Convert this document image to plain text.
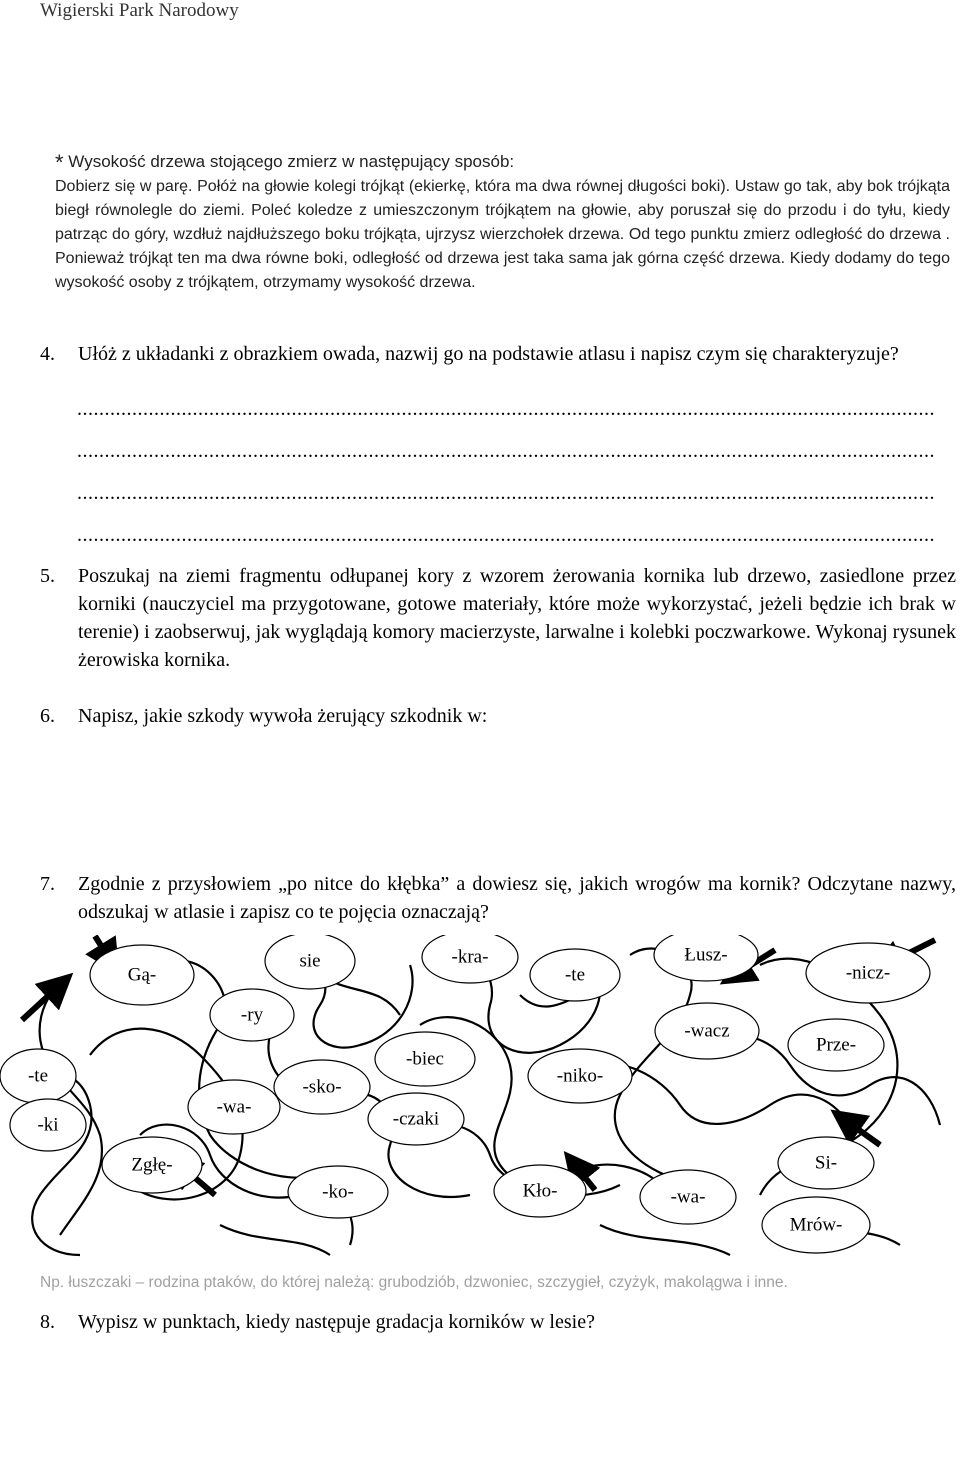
Wigierski Park Narodowy

* Wysokość drzewa stojącego zmierz w następujący sposób:

Dobierz się w parę. Połóż na głowie kolegi trójkąt (ekierkę, która ma dwa równej długości boki). Ustaw go tak, aby bok trójkąta biegł równolegle do ziemi. Poleć koledze z umieszczonym trójkątem na głowie, aby poruszał się do przodu i do tyłu, kiedy patrząc do góry, wzdłuż najdłuższego boku trójkąta, ujrzysz wierzchołek drzewa. Od tego punktu zmierz odległość do drzewa . Ponieważ trójkąt ten ma dwa równe boki, odległość od drzewa jest taka sama jak górna część drzewa. Kiedy dodamy do tego wysokość osoby z trójkątem, otrzymamy wysokość drzewa.

4. Ułóż z układanki z obrazkiem owada, nazwij go na podstawie atlasu i napisz czym się charakteryzuje?
............................................................................................................................................................
............................................................................................................................................................
............................................................................................................................................................
............................................................................................................................................................
5. Poszukaj na ziemi fragmentu odłupanej kory z wzorem żerowania kornika lub drzewo, zasiedlone przez korniki (nauczyciel ma przygotowane, gotowe materiały, które może wykorzystać, jeżeli będzie ich brak w terenie) i zaobserwuj, jak wyglądają komory macierzyste, larwalne i kolebki poczwarkowe. Wykonaj rysunek żerowiska kornika.
6. Napisz, jakie szkody wywoła żerujący szkodnik w:
7. Zgodnie z przysłowiem „po nitce do kłębka” a dowiesz się, jakich wrogów ma kornik? Odczytane nazwy, odszukaj w atlasie i zapisz co te pojęcia oznaczają?
Gą-
sie	-kra-
-te
Łusz-
-nicz-
-ry
-wacz
Prze-
-biec
-te
-sko-
-niko-
-wa-
-ki	-czaki
Zgłę-	Si-
-ko-	Kło-	-wa-
Mrów-
Np. łuszczaki – rodzina ptaków, do której należą: grubodziób, dzwoniec, szczygieł, czyżyk, makolągwa i inne.
8. Wypisz w punktach, kiedy następuje gradacja korników w lesie?
